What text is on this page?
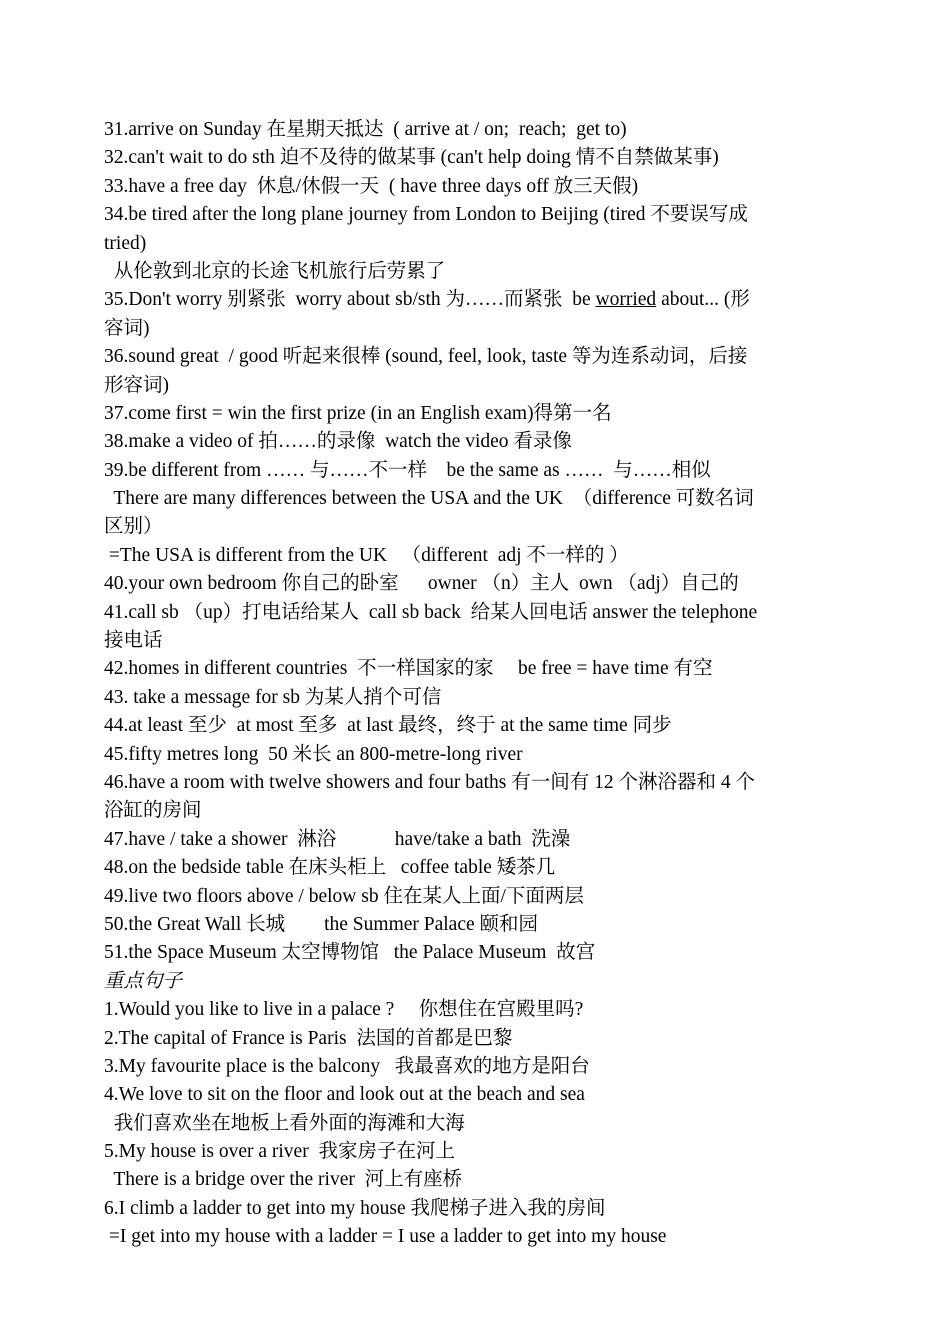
31.arrive on Sunday 在星期天抵达  ( arrive at / on;  reach;  get to)
32.can't wait to do sth 迫不及待的做某事 (can't help doing 情不自禁做某事)
33.have a free day  休息/休假一天  ( have three days off 放三天假)
34.be tired after the long plane journey from London to Beijing (tired 不要误写成
tried)
从伦敦到北京的长途飞机旅行后劳累了
35.Don't worry 别紧张  worry about sb/sth 为……而紧张  be worried about... (形
容词)
36.sound great  / good 听起来很棒 (sound, feel, look, taste 等为连系动词，后接
形容词)
37.come first = win the first prize (in an English exam)得第一名
38.make a video of 拍……的录像  watch the video 看录像
39.be different from …… 与……不一样    be the same as ……  与……相似
There are many differences between the USA and the UK  （difference 可数名词
区别）
=The USA is different from the UK   （different  adj 不一样的 ）
40.your own bedroom 你自己的卧室      owner （n）主人  own （adj）自己的
41.call sb （up）打电话给某人  call sb back  给某人回电话 answer the telephone
接电话
42.homes in different countries  不一样国家的家     be free = have time 有空
43. take a message for sb 为某人捎个可信
44.at least 至少  at most 至多  at last 最终，终于 at the same time 同步
45.fifty metres long  50 米长 an 800-metre-long river
46.have a room with twelve showers and four baths 有一间有 12 个淋浴器和 4 个
浴缸的房间
47.have / take a shower  淋浴            have/take a bath  洗澡
48.on the bedside table 在床头柜上   coffee table 矮茶几
49.live two floors above / below sb 住在某人上面/下面两层
50.the Great Wall 长城        the Summer Palace 颐和园
51.the Space Museum 太空博物馆   the Palace Museum  故宫
重点句子
1.Would you like to live in a palace ?     你想住在宫殿里吗?
2.The capital of France is Paris  法国的首都是巴黎
3.My favourite place is the balcony   我最喜欢的地方是阳台
4.We love to sit on the floor and look out at the beach and sea
我们喜欢坐在地板上看外面的海滩和大海
5.My house is over a river  我家房子在河上
There is a bridge over the river  河上有座桥
6.I climb a ladder to get into my house 我爬梯子进入我的房间
=I get into my house with a ladder = I use a ladder to get into my house
